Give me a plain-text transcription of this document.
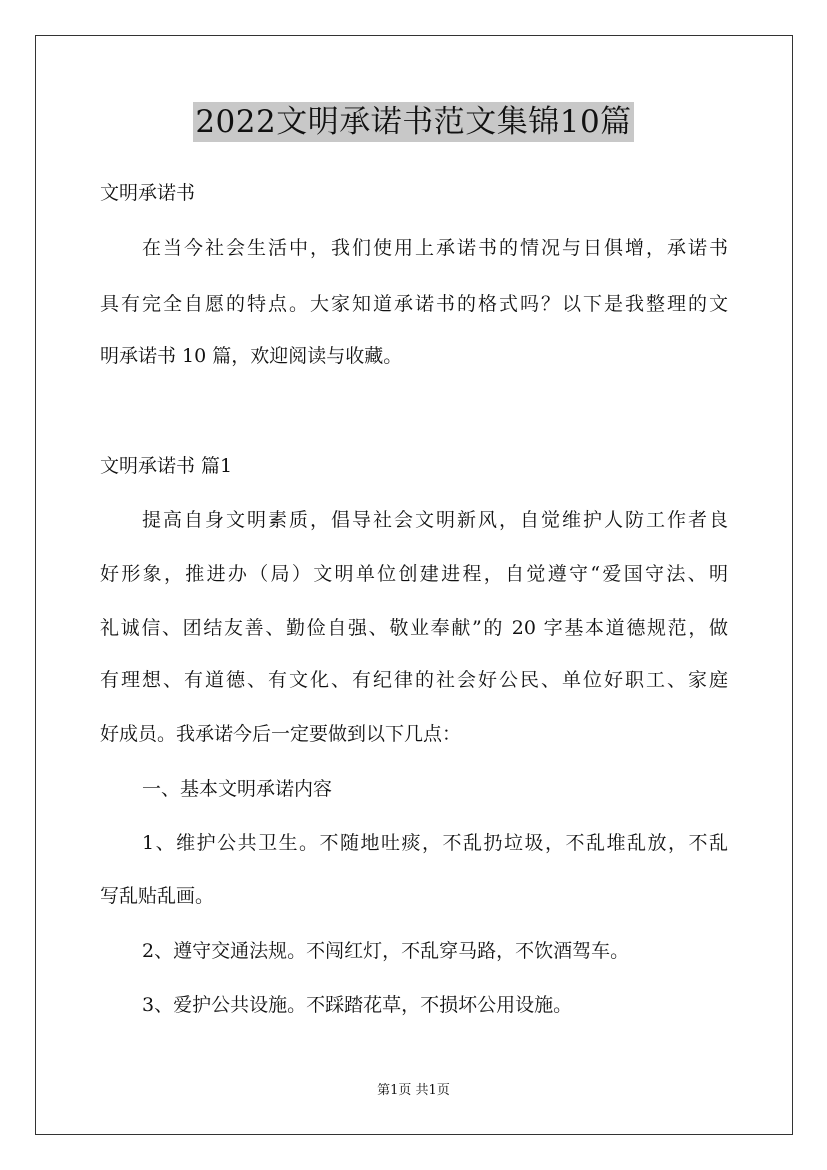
2022文明承诺书范文集锦10篇
文明承诺书
在当今社会生活中，我们使用上承诺书的情况与日俱增，承诺书
具有完全自愿的特点。大家知道承诺书的格式吗？以下是我整理的文
明承诺书 10 篇，欢迎阅读与收藏。
文明承诺书 篇1
提高自身文明素质，倡导社会文明新风，自觉维护人防工作者良
好形象，推进办（局）文明单位创建进程，自觉遵守“爱国守法、明
礼诚信、团结友善、勤俭自强、敬业奉献”的 20 字基本道德规范，做
有理想、有道德、有文化、有纪律的社会好公民、单位好职工、家庭
好成员。我承诺今后一定要做到以下几点：
一、基本文明承诺内容
1、维护公共卫生。不随地吐痰，不乱扔垃圾，不乱堆乱放，不乱
写乱贴乱画。
2、遵守交通法规。不闯红灯，不乱穿马路，不饮酒驾车。
3、爱护公共设施。不踩踏花草，不损坏公用设施。
第1页 共1页
